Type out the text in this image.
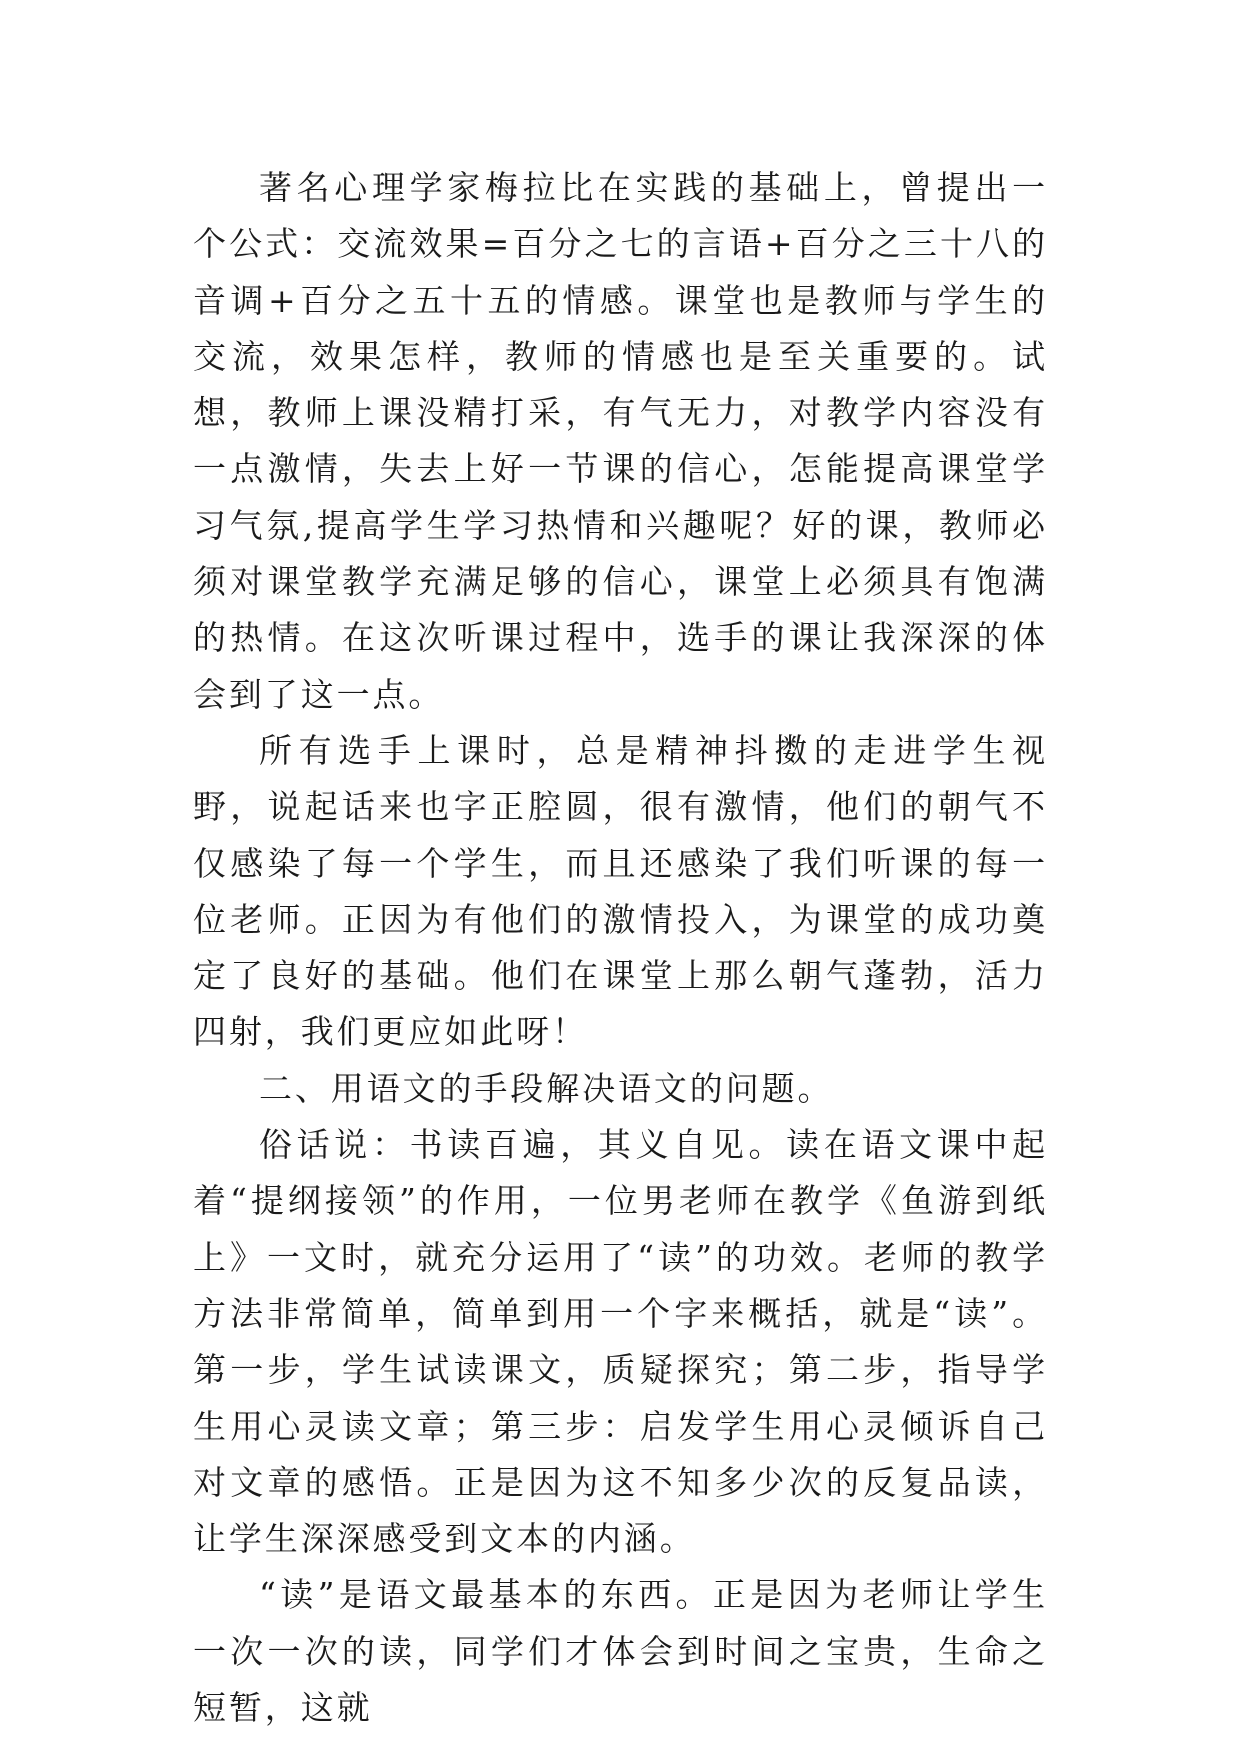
著名心理学家梅拉比在实践的基础上，曾提出一个公式：交流效果=百分之七的言语+百分之三十八的音调+百分之五十五的情感。课堂也是教师与学生的交流，效果怎样，教师的情感也是至关重要的。试想，教师上课没精打采，有气无力，对教学内容没有一点激情，失去上好一节课的信心，怎能提高课堂学习气氛,提高学生学习热情和兴趣呢？好的课，教师必须对课堂教学充满足够的信心，课堂上必须具有饱满的热情。在这次听课过程中，选手的课让我深深的体会到了这一点。

所有选手上课时，总是精神抖擞的走进学生视野，说起话来也字正腔圆，很有激情，他们的朝气不仅感染了每一个学生，而且还感染了我们听课的每一位老师。正因为有他们的激情投入，为课堂的成功奠定了良好的基础。他们在课堂上那么朝气蓬勃，活力四射，我们更应如此呀！

二、用语文的手段解决语文的问题。

俗话说：书读百遍，其义自见。读在语文课中起着“提纲接领”的作用，一位男老师在教学《鱼游到纸上》一文时，就充分运用了“读”的功效。老师的教学方法非常简单，简单到用一个字来概括，就是“读”。第一步，学生试读课文，质疑探究；第二步，指导学生用心灵读文章；第三步：启发学生用心灵倾诉自己对文章的感悟。正是因为这不知多少次的反复品读，让学生深深感受到文本的内涵。

“读”是语文最基本的东西。正是因为老师让学生一次一次的读，同学们才体会到时间之宝贵，生命之短暂，这就
